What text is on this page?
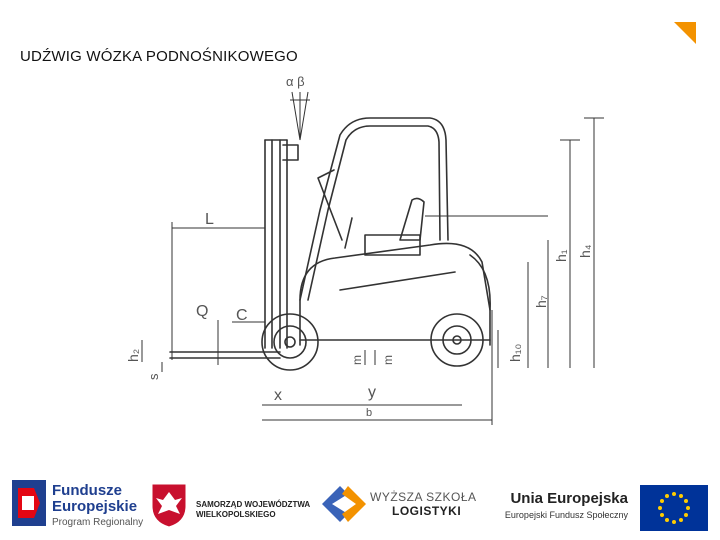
UDŹWIG WÓZKA PODNOŚNIKOWEGO
α β
L
Q C
h₁ h₄
h₇
h₁₀
h₂
s
m m
x	y
b
Fundusze
Europejskie
Program Regionalny
SAMORZĄD WOJEWÓDZTWA
WIELKOPOLSKIEGO
WYŻSZA SZKOŁA
LOGISTYKI
Unia Europejska
Europejski Fundusz Społeczny
